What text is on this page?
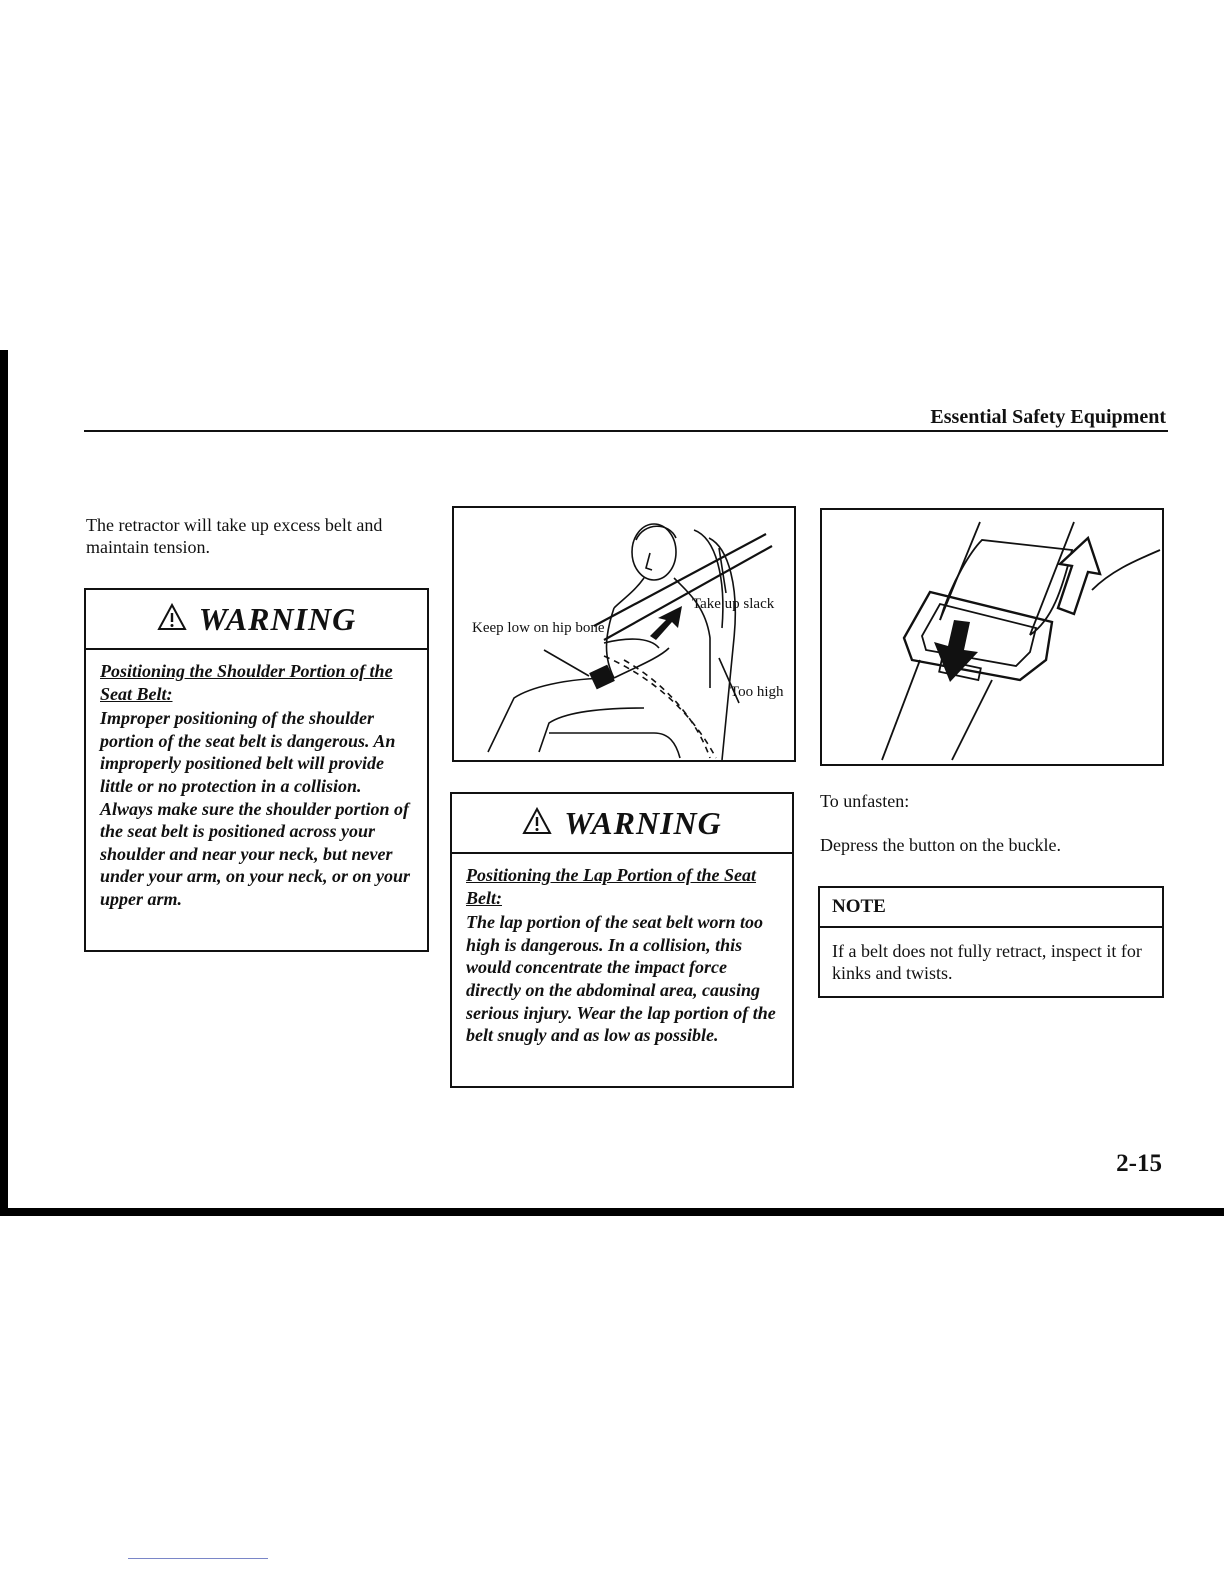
Essential Safety Equipment
The retractor will take up excess belt and maintain tension.
WARNING
Positioning the Shoulder Portion of the Seat Belt:
Improper positioning of the shoulder portion of the seat belt is dangerous. An improperly positioned belt will provide little or no protection in a collision. Always make sure the shoulder portion of the seat belt is positioned across your shoulder and near your neck, but never under your arm, on your neck, or on your upper arm.
Keep low on hip bone
Take up slack
Too high
WARNING
Positioning the Lap Portion of the Seat Belt:
The lap portion of the seat belt worn too high is dangerous. In a collision, this would concentrate the impact force directly on the abdominal area, causing serious injury. Wear the lap portion of the belt snugly and as low as possible.
To unfasten:
Depress the button on the buckle.
NOTE
If a belt does not fully retract, inspect it for kinks and twists.
2-15
